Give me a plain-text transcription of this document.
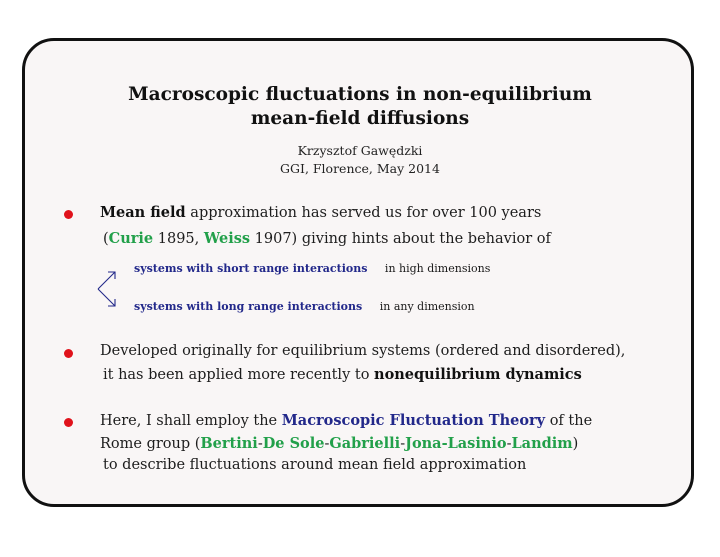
Macroscopic fluctuations in non-equilibrium
mean-field diffusions
Krzysztof Gawędzki
GGI, Florence, May 2014
Mean field approximation has served us for over 100 years
(Curie 1895, Weiss 1907) giving hints about the behavior of
systems with short range interactions in high dimensions
systems with long range interactions in any dimension
Developed originally for equilibrium systems (ordered and disordered),
it has been applied more recently to nonequilibrium dynamics
Here, I shall employ the Macroscopic Fluctuation Theory of the
Rome group (Bertini-De Sole-Gabrielli-Jona-Lasinio-Landim)
to describe fluctuations around mean field approximation
